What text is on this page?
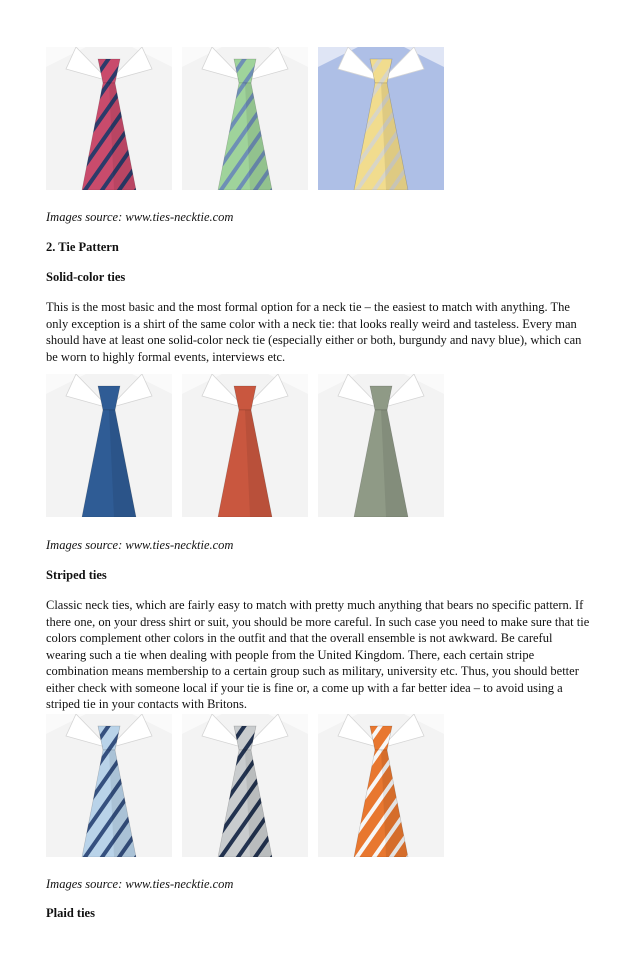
Images source: www.ties-necktie.com
2. Tie Pattern
Solid-color ties
This is the most basic and the most formal option for a neck tie – the easiest to match with anything. The
only exception is a shirt of the same color with a neck tie: that looks really weird and tasteless. Every man
should have at least one solid-color neck tie (especially either or both, burgundy and navy blue), which can
be worn to highly formal events, interviews etc.
Images source: www.ties-necktie.com
Striped ties
Classic neck ties, which are fairly easy to match with pretty much anything that bears no specific pattern. If
there one, on your dress shirt or suit, you should be more careful. In such case you need to make sure that tie
colors complement other colors in the outfit and that the overall ensemble is not awkward. Be careful
wearing such a tie when dealing with people from the United Kingdom. There, each certain stripe
combination means membership to a certain group such as military, university etc. Thus, you should better
either check with someone local if your tie is fine or, a come up with a far better idea – to avoid using a
striped tie in your contacts with Britons.
Images source: www.ties-necktie.com
Plaid ties
